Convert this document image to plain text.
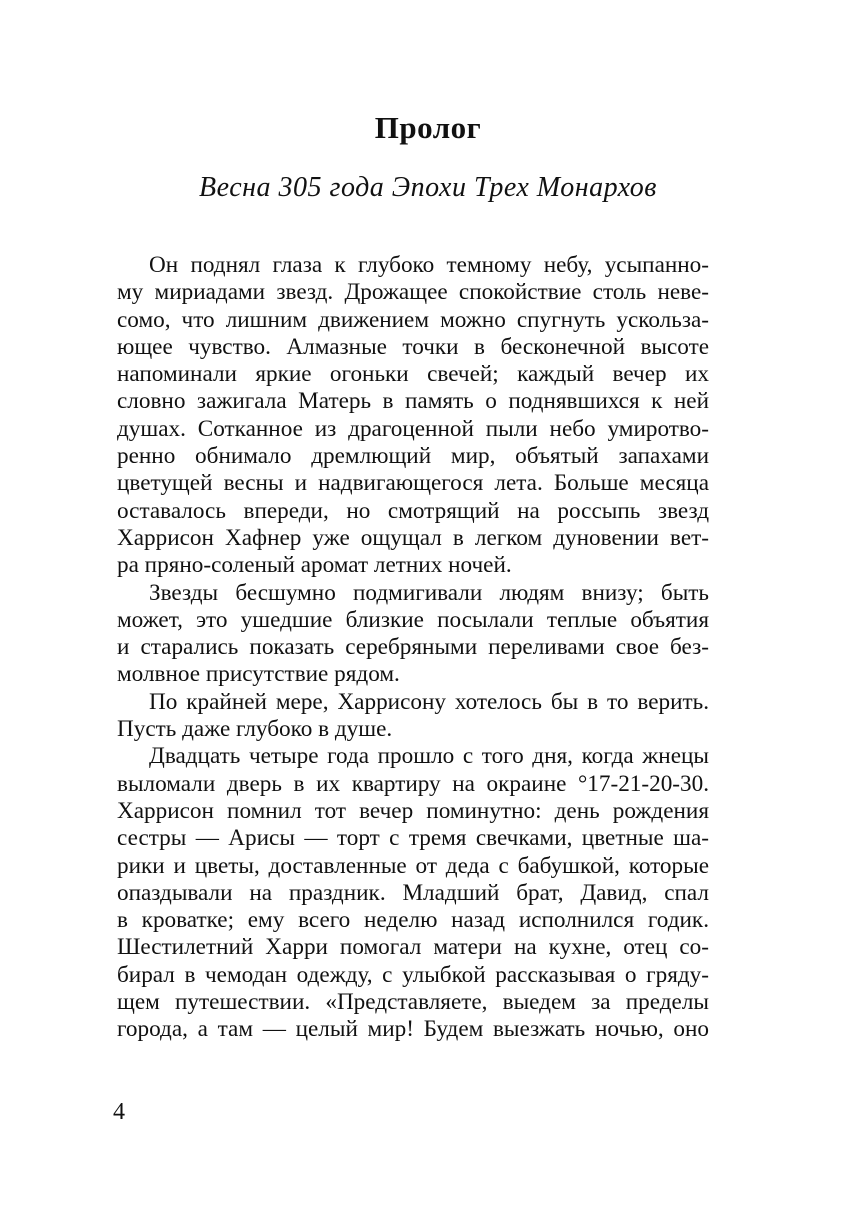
Пролог
Весна 305 года Эпохи Трех Монархов
Он поднял глаза к глубоко темному небу, усыпанно-
му мириадами звезд. Дрожащее спокойствие столь неве-
сомо, что лишним движением можно спугнуть ускольза-
ющее чувство. Алмазные точки в бесконечной высоте
напоминали яркие огоньки свечей; каждый вечер их
словно зажигала Матерь в память о поднявшихся к ней
душах. Сотканное из драгоценной пыли небо умиротво-
ренно обнимало дремлющий мир, объятый запахами
цветущей весны и надвигающегося лета. Больше месяца
оставалось впереди, но смотрящий на россыпь звезд
Харрисон Хафнер уже ощущал в легком дуновении вет-
ра пряно-соленый аромат летних ночей.
Звезды бесшумно подмигивали людям внизу; быть
может, это ушедшие близкие посылали теплые объятия
и старались показать серебряными переливами свое без-
молвное присутствие рядом.
По крайней мере, Харрисону хотелось бы в то верить.
Пусть даже глубоко в душе.
Двадцать четыре года прошло с того дня, когда жнецы
выломали дверь в их квартиру на окраине °17-21-20-30.
Харрисон помнил тот вечер поминутно: день рождения
сестры — Арисы — торт с тремя свечками, цветные ша-
рики и цветы, доставленные от деда с бабушкой, которые
опаздывали на праздник. Младший брат, Давид, спал
в кроватке; ему всего неделю назад исполнился годик.
Шестилетний Харри помогал матери на кухне, отец со-
бирал в чемодан одежду, с улыбкой рассказывая о гряду-
щем путешествии. «Представляете, выедем за пределы
города, а там — целый мир! Будем выезжать ночью, оно
4
